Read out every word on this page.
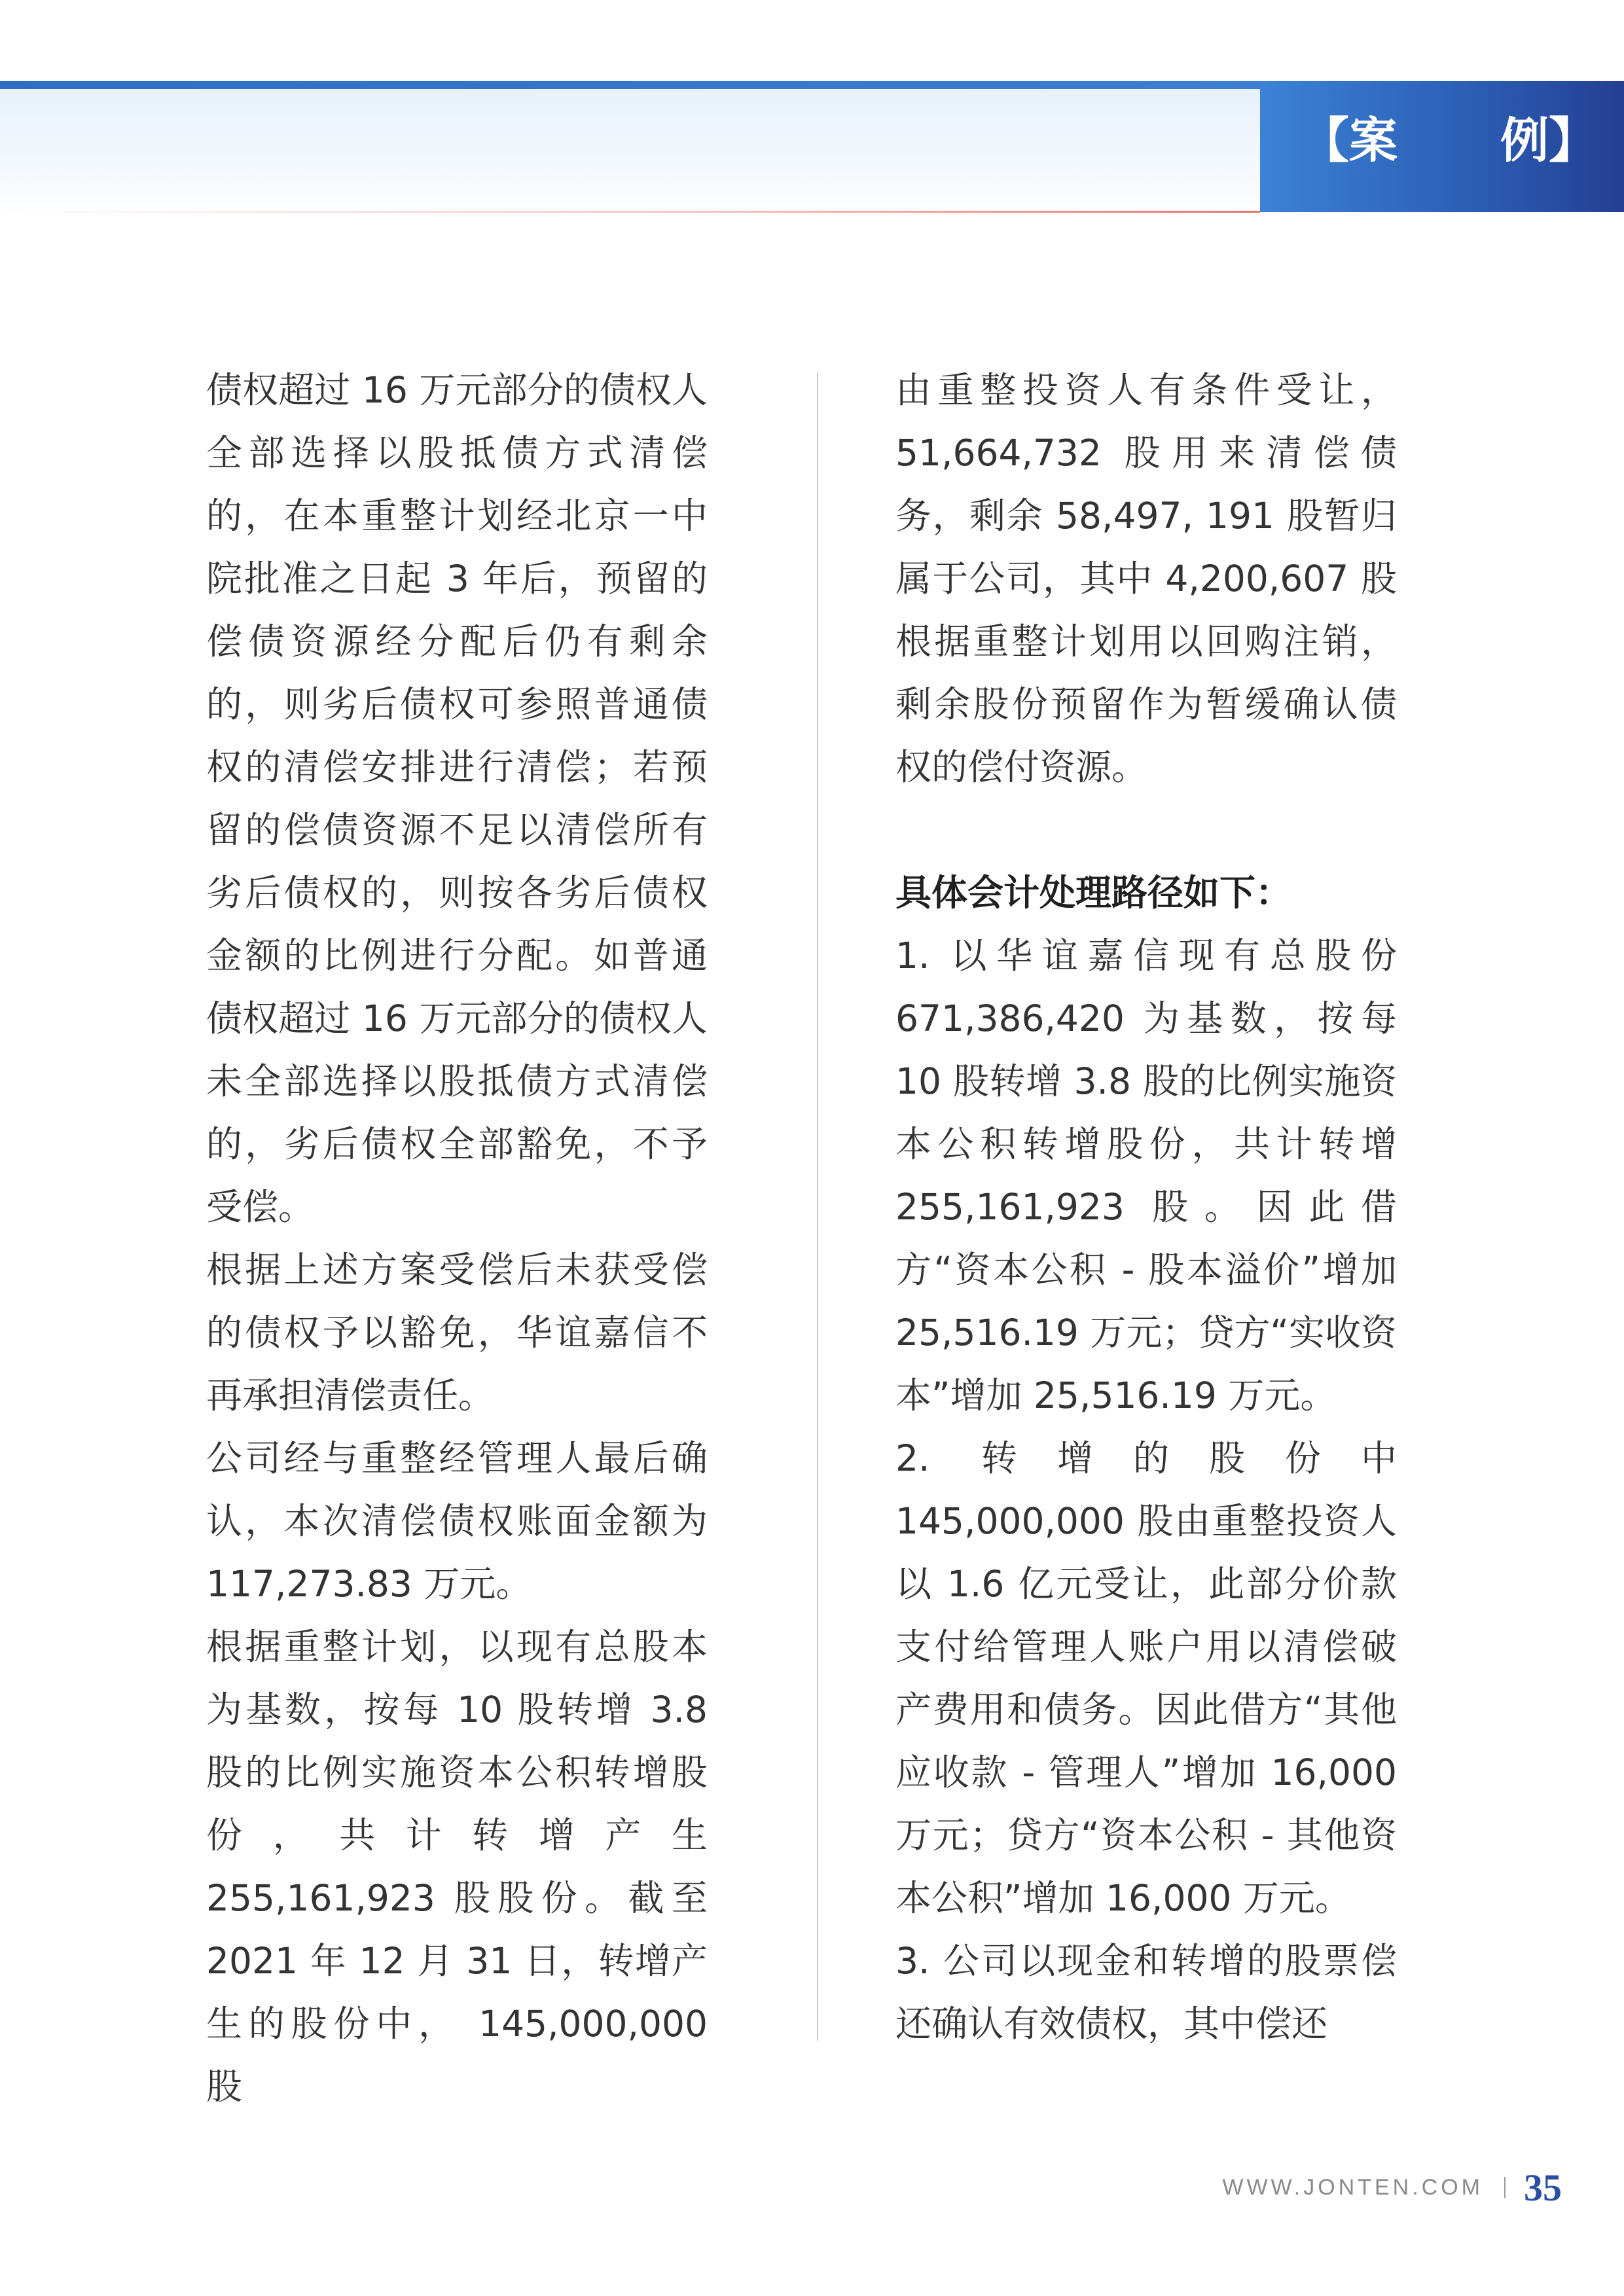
【案 例】

债权超过 16 万元部分的债权人全部选择以股抵债方式清偿的，在本重整计划经北京一中院批准之日起 3 年后，预留的偿债资源经分配后仍有剩余的，则劣后债权可参照普通债权的清偿安排进行清偿；若预留的偿债资源不足以清偿所有劣后债权的，则按各劣后债权金额的比例进行分配。如普通债权超过 16 万元部分的债权人未全部选择以股抵债方式清偿的，劣后债权全部豁免，不予受偿。

根据上述方案受偿后未获受偿的债权予以豁免，华谊嘉信不再承担清偿责任。

公司经与重整经管理人最后确认，本次清偿债权账面金额为 117,273.83 万元。

根据重整计划，以现有总股本为基数，按每 10 股转增 3.8 股的比例实施资本公积转增股份，共计转增产生 255,161,923 股股份。截至 2021 年 12 月 31 日，转增产生的股份中， 145,000,000 股

由重整投资人有条件受让，51,664,732 股用来清偿债务，剩余 58,497, 191 股暂归属于公司，其中 4,200,607 股根据重整计划用以回购注销，剩余股份预留作为暂缓确认债权的偿付资源。

具体会计处理路径如下：

1. 以华谊嘉信现有总股份 671,386,420 为基数，按每 10 股转增 3.8 股的比例实施资本公积转增股份，共计转增 255,161,923 股。因此借方“资本公积 - 股本溢价”增加 25,516.19 万元；贷方“实收资本”增加 25,516.19 万元。

2. 转增的股份中 145,000,000 股由重整投资人以 1.6 亿元受让，此部分价款支付给管理人账户用以清偿破产费用和债务。因此借方“其他应收款 - 管理人”增加 16,000 万元；贷方“资本公积 - 其他资本公积”增加 16,000 万元。

3. 公司以现金和转增的股票偿还确认有效债权，其中偿还

WWW.JONTEN.COM 35
